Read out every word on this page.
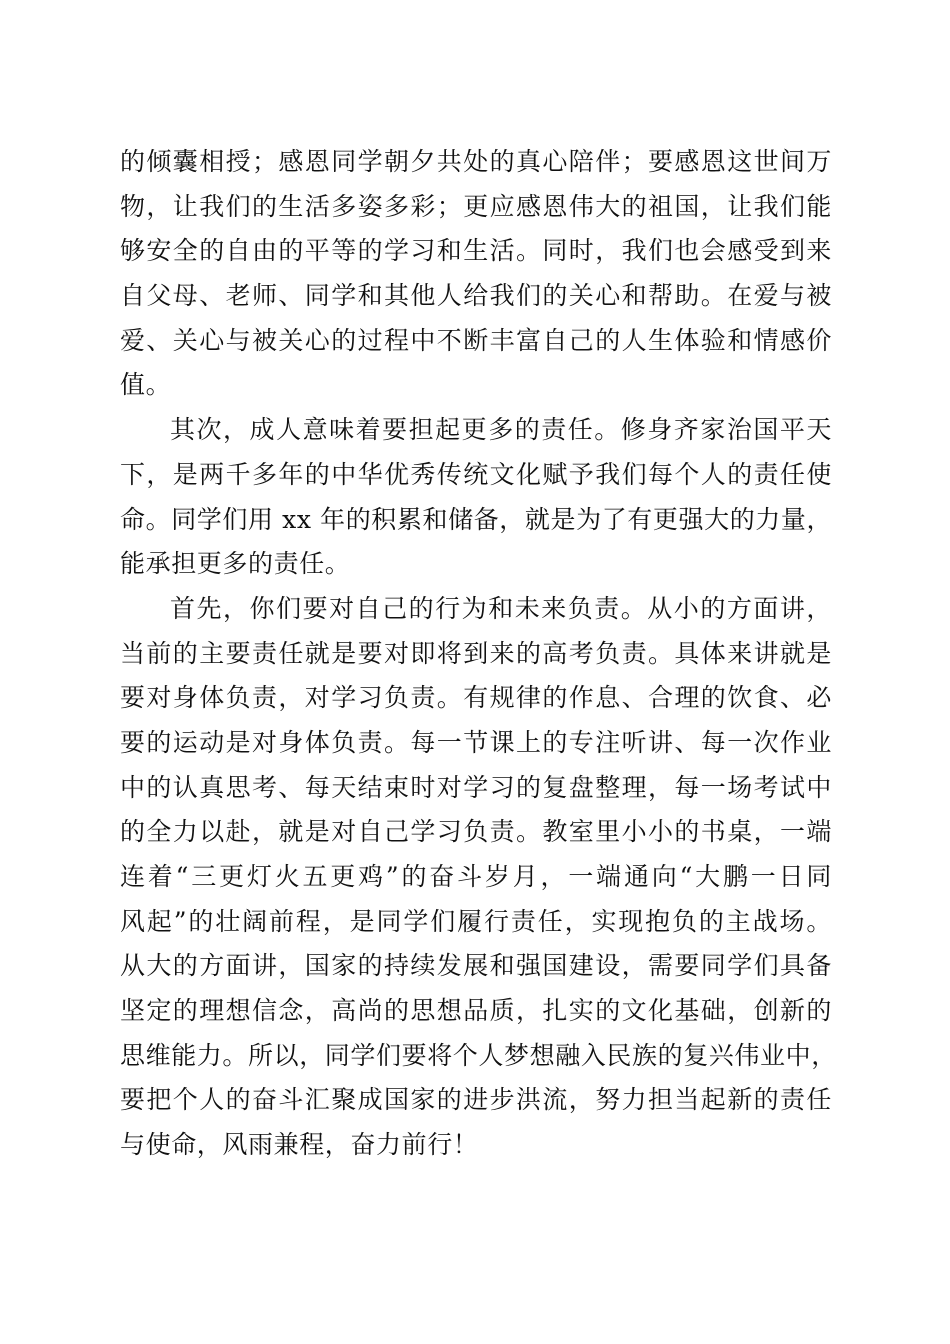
的倾囊相授；感恩同学朝夕共处的真心陪伴；要感恩这世间万
物，让我们的生活多姿多彩；更应感恩伟大的祖国，让我们能
够安全的自由的平等的学习和生活。同时，我们也会感受到来
自父母、老师、同学和其他人给我们的关心和帮助。在爱与被
爱、关心与被关心的过程中不断丰富自己的人生体验和情感价
值。
其次，成人意味着要担起更多的责任。修身齐家治国平天
下，是两千多年的中华优秀传统文化赋予我们每个人的责任使
命。同学们用 xx 年的积累和储备，就是为了有更强大的力量，
能承担更多的责任。
首先，你们要对自己的行为和未来负责。从小的方面讲，
当前的主要责任就是要对即将到来的高考负责。具体来讲就是
要对身体负责，对学习负责。有规律的作息、合理的饮食、必
要的运动是对身体负责。每一节课上的专注听讲、每一次作业
中的认真思考、每天结束时对学习的复盘整理，每一场考试中
的全力以赴，就是对自己学习负责。教室里小小的书桌，一端
连着“三更灯火五更鸡”的奋斗岁月，一端通向“大鹏一日同
风起”的壮阔前程，是同学们履行责任，实现抱负的主战场。
从大的方面讲，国家的持续发展和强国建设，需要同学们具备
坚定的理想信念，高尚的思想品质，扎实的文化基础，创新的
思维能力。所以，同学们要将个人梦想融入民族的复兴伟业中，
要把个人的奋斗汇聚成国家的进步洪流，努力担当起新的责任
与使命，风雨兼程，奋力前行！
